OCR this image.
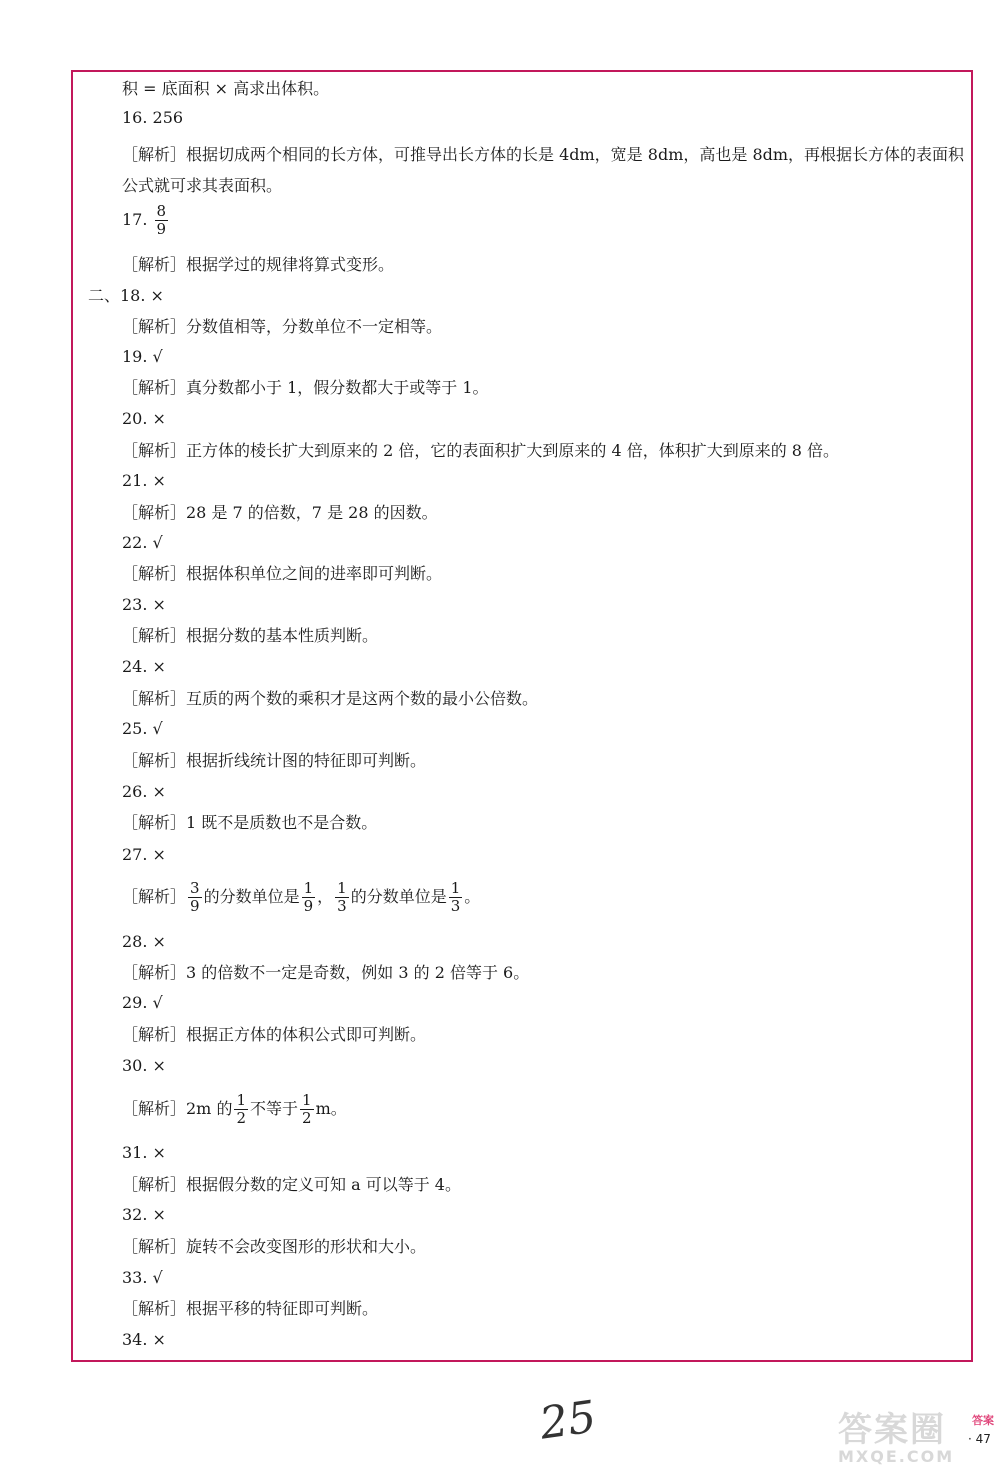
积 = 底面积 × 高求出体积。
16. 256
［解析］根据切成两个相同的长方体，可推导出长方体的长是 4dm，宽是 8dm，高也是 8dm，再根据长方体的表面积公式就可求其表面积。
17. $\frac{8}{9}$
［解析］根据学过的规律将算式变形。
二、18. ×
［解析］分数值相等，分数单位不一定相等。
19. √
［解析］真分数都小于 1，假分数都大于或等于 1。
20. ×
［解析］正方体的棱长扩大到原来的 2 倍，它的表面积扩大到原来的 4 倍，体积扩大到原来的 8 倍。
21. ×
［解析］28 是 7 的倍数，7 是 28 的因数。
22. √
［解析］根据体积单位之间的进率即可判断。
23. ×
［解析］根据分数的基本性质判断。
24. ×
［解析］互质的两个数的乘积才是这两个数的最小公倍数。
25. √
［解析］根据折线统计图的特征即可判断。
26. ×
［解析］1 既不是质数也不是合数。
27. ×
［解析］ $\frac{3}{9}$ 的分数单位是 $\frac{1}{9}$ ， $\frac{1}{3}$ 的分数单位是 $\frac{1}{3}$ 。
28. ×
［解析］3 的倍数不一定是奇数，例如 3 的 2 倍等于 6。
29. √
［解析］根据正方体的体积公式即可判断。
30. ×
［解析］2m 的 $\frac{1}{2}$ 不等于 $\frac{1}{2}$ m。
31. ×
［解析］根据假分数的定义可知 a 可以等于 4。
32. ×
［解析］旋转不会改变图形的形状和大小。
33. √
［解析］根据平移的特征即可判断。
34. ×
25	答案圈
MXQE.COM
答案
· 47
